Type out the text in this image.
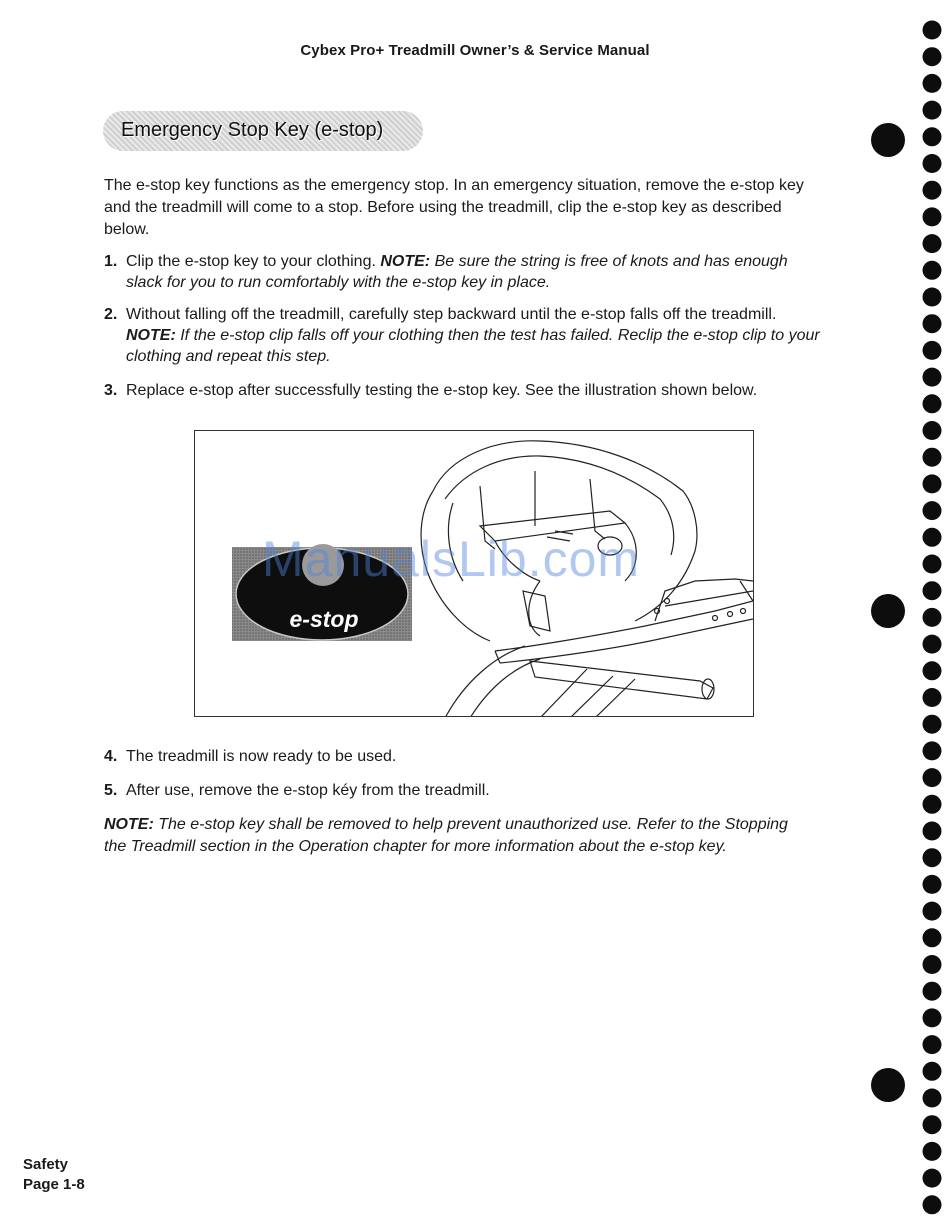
Cybex Pro+ Treadmill Owner’s & Service Manual
Emergency Stop Key (e-stop)
The e-stop key functions as the emergency stop. In an emergency situation, remove the e-stop key and the treadmill will come to a stop. Before using the treadmill, clip the e-stop key as described below.
1. Clip the e-stop key to your clothing. NOTE: Be sure the string is free of knots and has enough slack for you to run comfortably with the e-stop key in place.
2. Without falling off the treadmill, carefully step backward until the e-stop falls off the treadmill. NOTE: If the e-stop clip falls off your clothing then the test has failed. Reclip the e-stop clip to your clothing and repeat this step.
3. Replace e-stop after successfully testing the e-stop key. See the illustration shown below.
e-stop
ManualsLib.com
4. The treadmill is now ready to be used.
5. After use, remove the e-stop kéy from the treadmill.
NOTE: The e-stop key shall be removed to help prevent unauthorized use. Refer to the Stopping the Treadmill section in the Operation chapter for more information about the e-stop key.
Safety
Page 1-8
